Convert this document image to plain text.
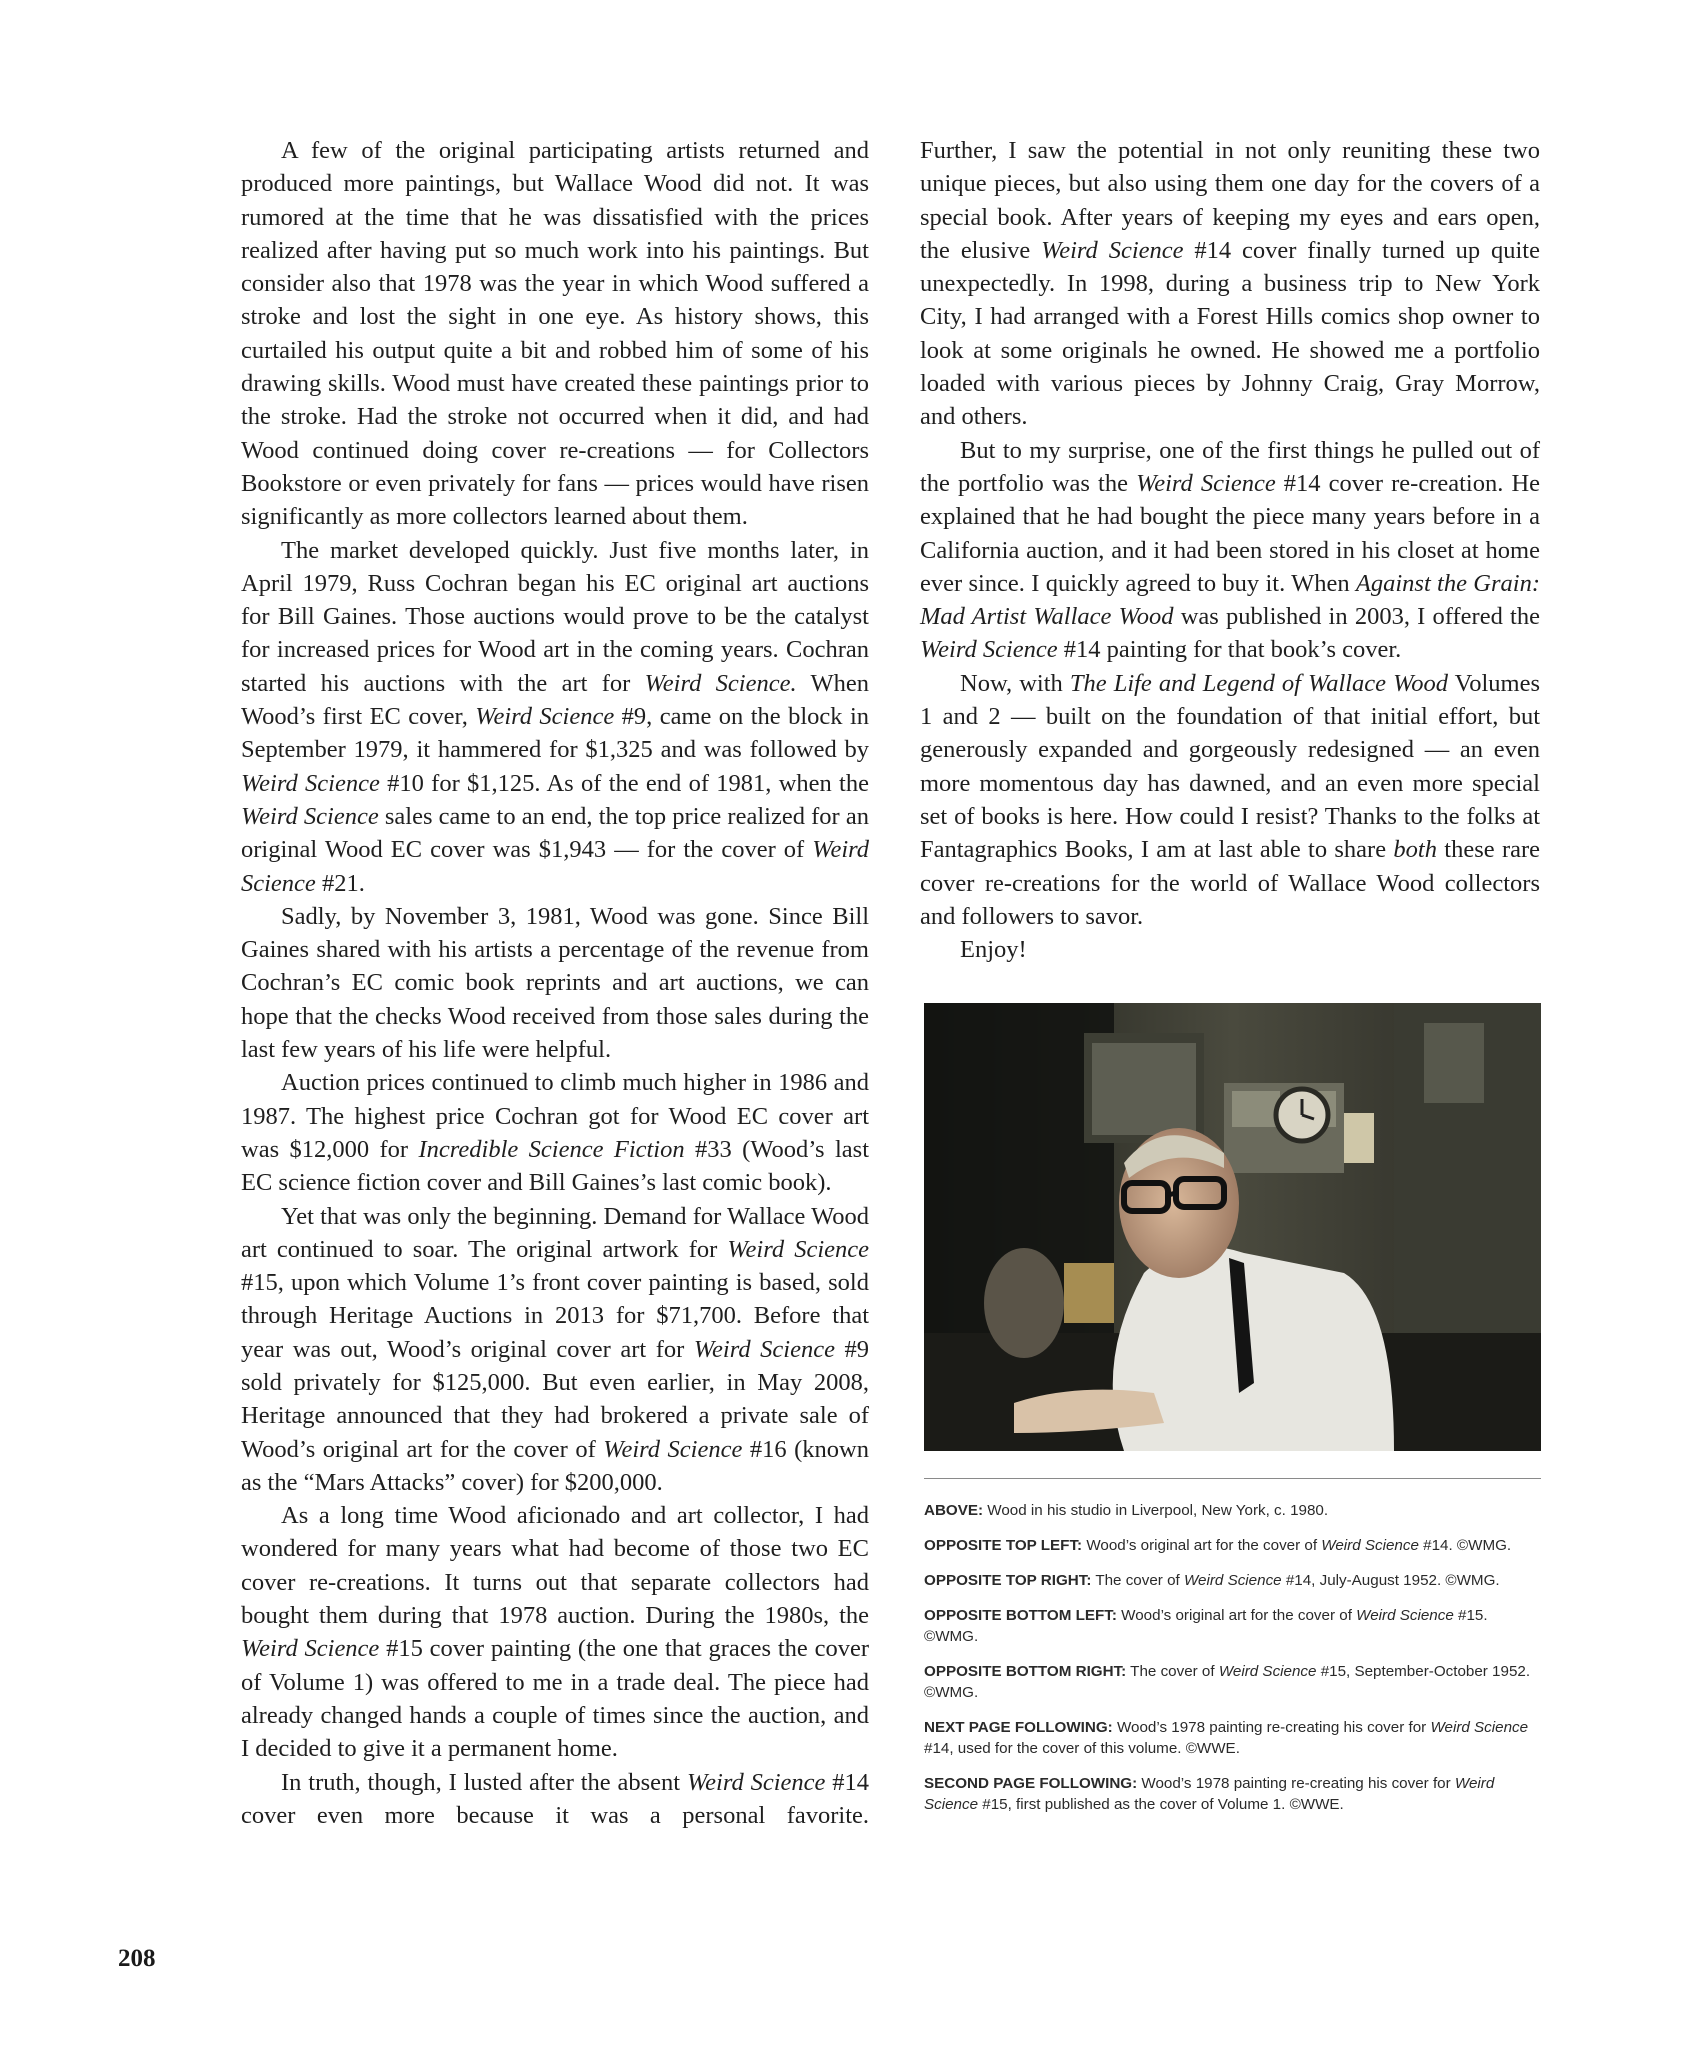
A few of the original participating artists returned and produced more paintings, but Wallace Wood did not. It was rumored at the time that he was dissatisfied with the prices realized after having put so much work into his paintings. But consider also that 1978 was the year in which Wood suffered a stroke and lost the sight in one eye. As history shows, this curtailed his output quite a bit and robbed him of some of his drawing skills. Wood must have created these paintings prior to the stroke. Had the stroke not occurred when it did, and had Wood continued doing cover re-creations — for Collectors Bookstore or even privately for fans — prices would have risen significantly as more collectors learned about them.

The market developed quickly. Just five months later, in April 1979, Russ Cochran began his EC original art auctions for Bill Gaines. Those auctions would prove to be the catalyst for increased prices for Wood art in the coming years. Cochran started his auctions with the art for Weird Science. When Wood’s first EC cover, Weird Science #9, came on the block in September 1979, it hammered for $1,325 and was followed by Weird Science #10 for $1,125. As of the end of 1981, when the Weird Science sales came to an end, the top price realized for an original Wood EC cover was $1,943 — for the cover of Weird Science #21.

Sadly, by November 3, 1981, Wood was gone. Since Bill Gaines shared with his artists a percentage of the revenue from Cochran’s EC comic book reprints and art auctions, we can hope that the checks Wood received from those sales during the last few years of his life were helpful.

Auction prices continued to climb much higher in 1986 and 1987. The highest price Cochran got for Wood EC cover art was $12,000 for Incredible Science Fiction #33 (Wood’s last EC science fiction cover and Bill Gaines’s last comic book).

Yet that was only the beginning. Demand for Wallace Wood art continued to soar. The original artwork for Weird Science #15, upon which Volume 1’s front cover painting is based, sold through Heritage Auctions in 2013 for $71,700. Before that year was out, Wood’s original cover art for Weird Science #9 sold privately for $125,000. But even earlier, in May 2008, Heritage announced that they had brokered a private sale of Wood’s original art for the cover of Weird Science #16 (known as the “Mars Attacks” cover) for $200,000.

As a long time Wood aficionado and art collector, I had wondered for many years what had become of those two EC cover re-creations. It turns out that separate collectors had bought them during that 1978 auction. During the 1980s, the Weird Science #15 cover painting (the one that graces the cover of Volume 1) was offered to me in a trade deal. The piece had already changed hands a couple of times since the auction, and I decided to give it a permanent home.

In truth, though, I lusted after the absent Weird Science #14 cover even more because it was a personal favorite.

Further, I saw the potential in not only reuniting these two unique pieces, but also using them one day for the covers of a special book. After years of keeping my eyes and ears open, the elusive Weird Science #14 cover finally turned up quite unexpectedly. In 1998, during a business trip to New York City, I had arranged with a Forest Hills comics shop owner to look at some originals he owned. He showed me a portfolio loaded with various pieces by Johnny Craig, Gray Morrow, and others.

But to my surprise, one of the first things he pulled out of the portfolio was the Weird Science #14 cover re-creation. He explained that he had bought the piece many years before in a California auction, and it had been stored in his closet at home ever since. I quickly agreed to buy it. When Against the Grain: Mad Artist Wallace Wood was published in 2003, I offered the Weird Science #14 painting for that book’s cover.

Now, with The Life and Legend of Wallace Wood Volumes 1 and 2 — built on the foundation of that initial effort, but generously expanded and gorgeously redesigned — an even more momentous day has dawned, and an even more special set of books is here. How could I resist? Thanks to the folks at Fantagraphics Books, I am at last able to share both these rare cover re-creations for the world of Wallace Wood collectors and followers to savor.

Enjoy!

ABOVE: Wood in his studio in Liverpool, New York, c. 1980.

OPPOSITE TOP LEFT: Wood’s original art for the cover of Weird Science #14. ©WMG.

OPPOSITE TOP RIGHT: The cover of Weird Science #14, July-August 1952. ©WMG.

OPPOSITE BOTTOM LEFT: Wood’s original art for the cover of Weird Science #15. ©WMG.

OPPOSITE BOTTOM RIGHT: The cover of Weird Science #15, September-October 1952. ©WMG.

NEXT PAGE FOLLOWING: Wood’s 1978 painting re-creating his cover for Weird Science #14, used for the cover of this volume. ©WWE.

SECOND PAGE FOLLOWING: Wood’s 1978 painting re-creating his cover for Weird Science #15, first published as the cover of Volume 1. ©WWE.

208
